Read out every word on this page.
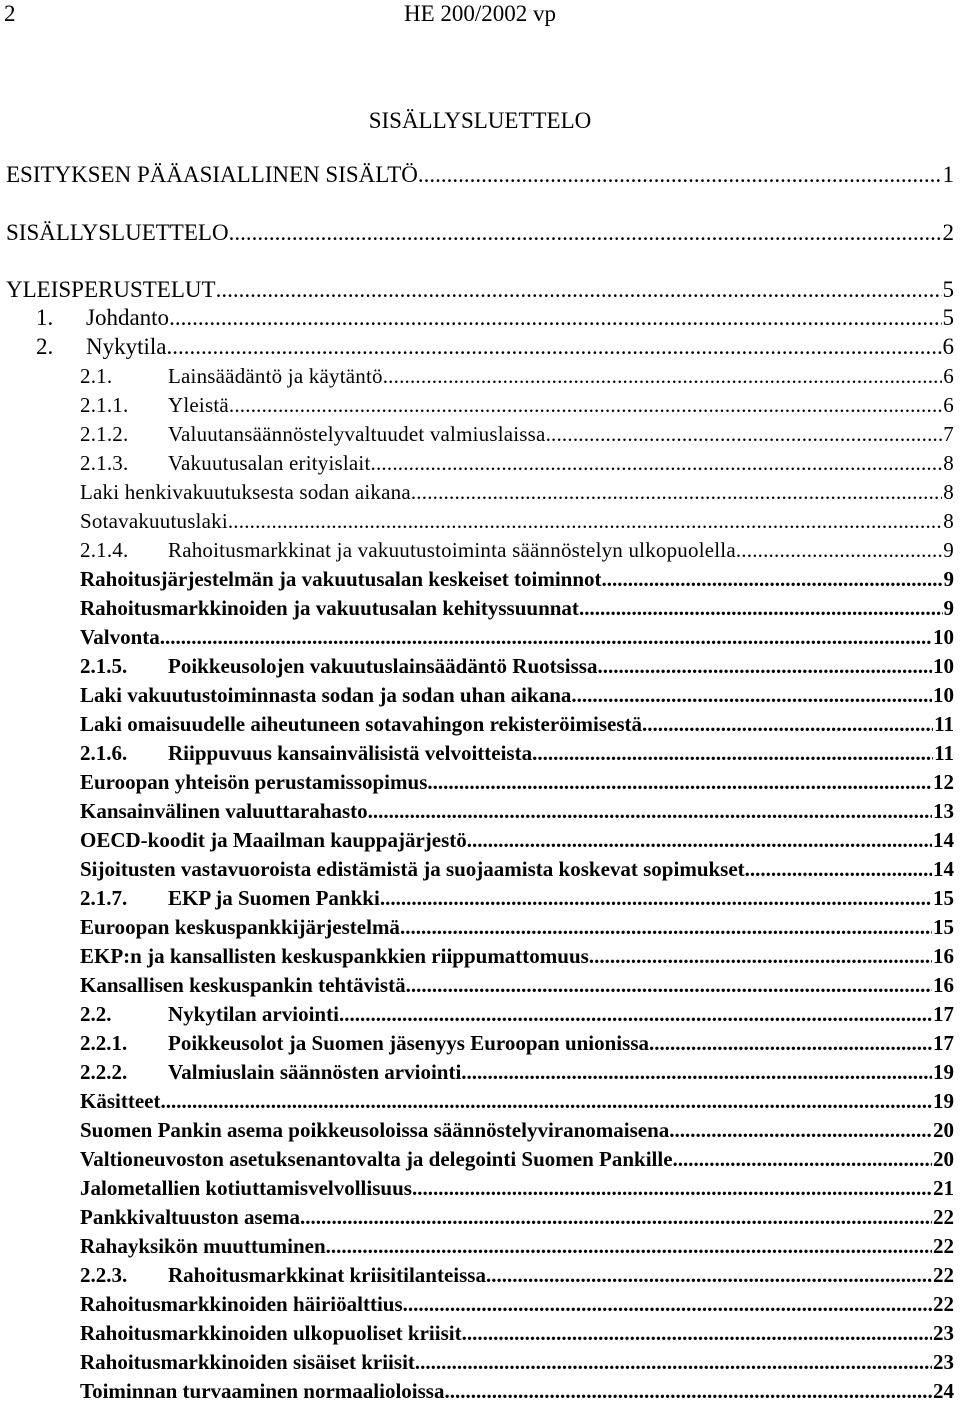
2	HE 200/2002 vp
SISÄLLYSLUETTELO
ESITYKSEN PÄÄASIALLINEN SISÄLTÖ .....	1
SISÄLLYSLUETTELO .....	2
YLEISPERUSTELUT .....	5
1.	Johdanto .....	5
2.	Nykytila .....	6
2.1.	Lainsäädäntö ja käytäntö .....	6
2.1.1.	Yleistä .....	6
2.1.2.	Valuutansäännöstelyvaltuudet valmiuslaissa .....	7
2.1.3.	Vakuutusalan erityislait .....	8
Laki henkivakuutuksesta sodan aikana .....	8
Sotavakuutuslaki .....	8
2.1.4.	Rahoitusmarkkinat ja vakuutustoiminta säännöstelyn ulkopuolella .....	9
Rahoitusjärjestelmän ja vakuutusalan keskeiset toiminnot .....	9
Rahoitusmarkkinoiden ja vakuutusalan kehityssuunnat .....	9
Valvonta .....	10
2.1.5.	Poikkeusolojen vakuutuslainsäädäntö Ruotsissa .....	10
Laki vakuutustoiminnasta sodan ja sodan uhan aikana .....	10
Laki omaisuudelle aiheutuneen sotavahingon rekisteröimisestä .....	11
2.1.6.	Riippuvuus kansainvälisistä velvoitteista .....	11
Euroopan yhteisön perustamissopimus .....	12
Kansainvälinen valuuttarahasto .....	13
OECD-koodit ja Maailman kauppajärjestö .....	14
Sijoitusten vastavuoroista edistämistä ja suojaamista koskevat sopimukset .....	14
2.1.7.	EKP ja Suomen Pankki .....	15
Euroopan keskuspankkijärjestelmä .....	15
EKP:n ja kansallisten keskuspankkien riippumattomuus .....	16
Kansallisen keskuspankin tehtävistä .....	16
2.2.	Nykytilan arviointi .....	17
2.2.1.	Poikkeusolot ja Suomen jäsenyys Euroopan unionissa .....	17
2.2.2.	Valmiuslain säännösten arviointi .....	19
Käsitteet .....	19
Suomen Pankin asema poikkeusoloissa säännöstelyviranomaisena .....	20
Valtioneuvoston asetuksenantovalta ja delegointi Suomen Pankille .....	20
Jalometallien kotiuttamisvelvollisuus .....	21
Pankkivaltuuston asema .....	22
Rahayksikön muuttuminen .....	22
2.2.3.	Rahoitusmarkkinat kriisitilanteissa .....	22
Rahoitusmarkkinoiden häiriöalttius .....	22
Rahoitusmarkkinoiden ulkopuoliset kriisit .....	23
Rahoitusmarkkinoiden sisäiset kriisit .....	23
Toiminnan turvaaminen normaalioloissa .....	24
